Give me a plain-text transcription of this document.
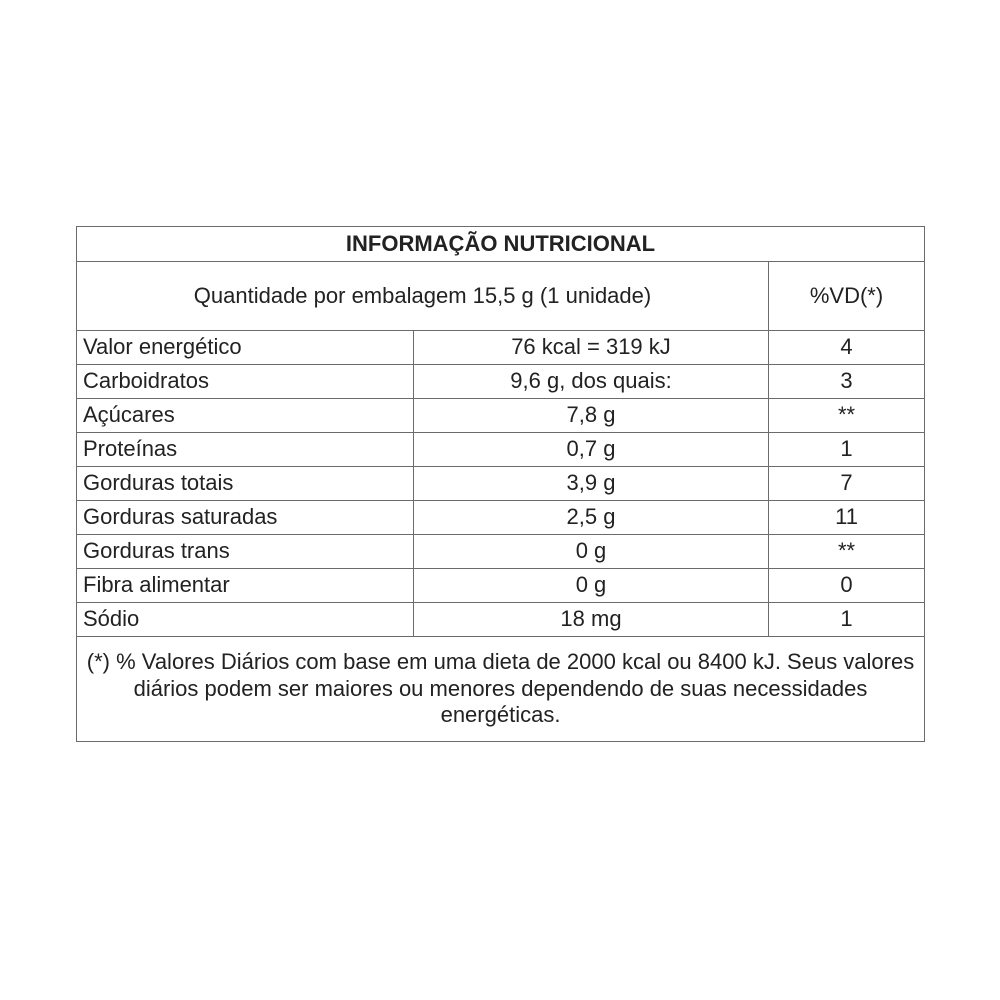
INFORMAÇÃO NUTRICIONAL		
Quantidade por embalagem 15,5 g (1 unidade)		%VD(*)
Valor energético	76 kcal = 319 kJ	4
Carboidratos	9,6 g, dos quais:	3
Açúcares	7,8 g	**
Proteínas	0,7 g	1
Gorduras totais	3,9 g	7
Gorduras saturadas	2,5 g	11
Gorduras trans	0 g	**
Fibra alimentar	0 g	0
Sódio	18 mg	1
(*) % Valores Diários com base em uma dieta de 2000 kcal ou 8400 kJ. Seus valores diários podem ser maiores ou menores dependendo de suas necessidades energéticas.		
